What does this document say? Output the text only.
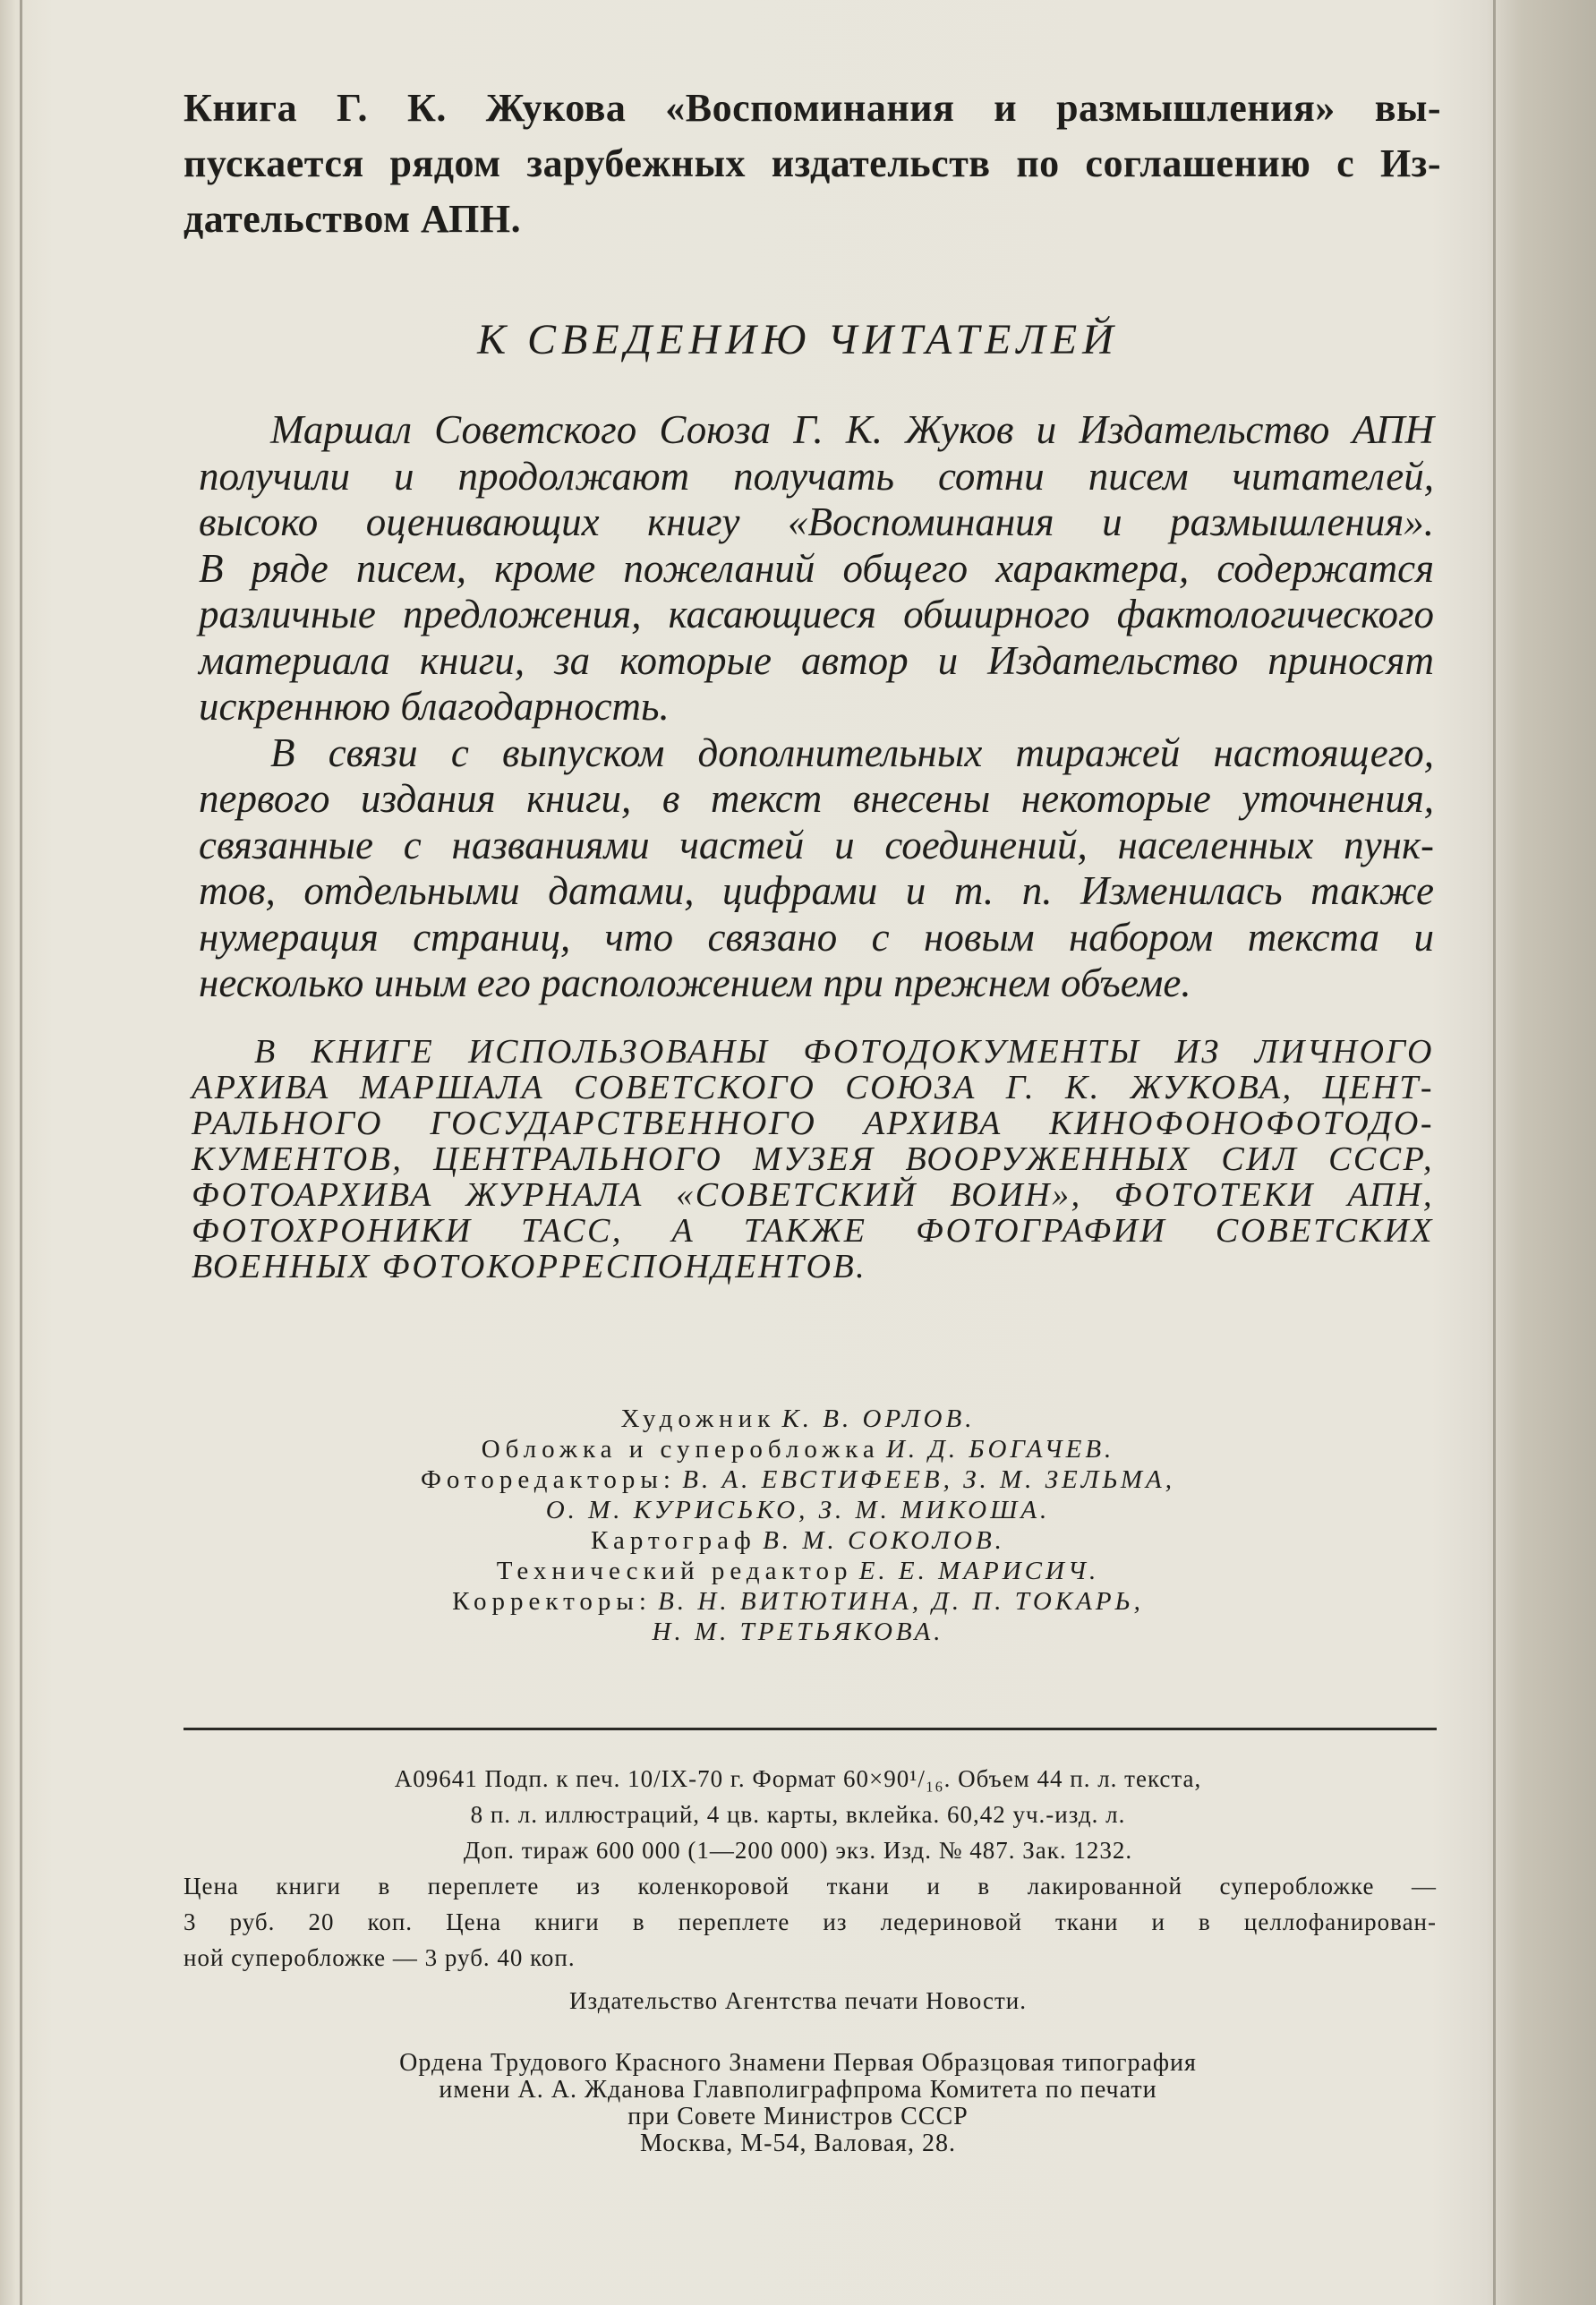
Книга Г. К. Жукова «Воспоминания и размышления» вы-
пускается рядом зарубежных издательств по соглашению с Из-
дательством АПН.
К СВЕДЕНИЮ ЧИТАТЕЛЕЙ
Маршал Советского Союза Г. К. Жуков и Издательство АПН
получили и продолжают получать сотни писем читателей,
высоко оценивающих книгу «Воспоминания и размышления».
В ряде писем, кроме пожеланий общего характера, содержатся
различные предложения, касающиеся обширного фактологического
материала книги, за которые автор и Издательство приносят
искреннюю благодарность.
В связи с выпуском дополнительных тиражей настоящего,
первого издания книги, в текст внесены некоторые уточнения,
связанные с названиями частей и соединений, населенных пунк-
тов, отдельными датами, цифрами и т. п. Изменилась также
нумерация страниц, что связано с новым набором текста и
несколько иным его расположением при прежнем объеме.
В КНИГЕ ИСПОЛЬЗОВАНЫ ФОТОДОКУМЕНТЫ ИЗ ЛИЧНОГО
АРХИВА МАРШАЛА СОВЕТСКОГО СОЮЗА Г. К. ЖУКОВА, ЦЕНТ-
РАЛЬНОГО ГОСУДАРСТВЕННОГО АРХИВА КИНОФОНОФОТОДО-
КУМЕНТОВ, ЦЕНТРАЛЬНОГО МУЗЕЯ ВООРУЖЕННЫХ СИЛ СССР,
ФОТОАРХИВА ЖУРНАЛА «СОВЕТСКИЙ ВОИН», ФОТОТЕКИ АПН,
ФОТОХРОНИКИ ТАСС, А ТАКЖЕ ФОТОГРАФИИ СОВЕТСКИХ
ВОЕННЫХ ФОТОКОРРЕСПОНДЕНТОВ.
Художник К. В. ОРЛОВ.
Обложка и суперобложка И. Д. БОГАЧЕВ.
Фоторедакторы: В. А. ЕВСТИФЕЕВ, З. М. ЗЕЛЬМА,
О. М. КУРИСЬКО, З. М. МИКОША.
Картограф В. М. СОКОЛОВ.
Технический редактор Е. Е. МАРИСИЧ.
Корректоры: В. Н. ВИТЮТИНА, Д. П. ТОКАРЬ,
Н. М. ТРЕТЬЯКОВА.
А09641 Подп. к печ. 10/IX-70 г. Формат 60×90¹/₁₆. Объем 44 п. л. текста,
8 п. л. иллюстраций, 4 цв. карты, вклейка. 60,42 уч.-изд. л.
Доп. тираж 600 000 (1—200 000) экз. Изд. № 487. Зак. 1232.
Цена книги в переплете из коленкоровой ткани и в лакированной суперобложке —
3 руб. 20 коп. Цена книги в переплете из ледериновой ткани и в целлофанирован-
ной суперобложке — 3 руб. 40 коп.
Издательство Агентства печати Новости.
Ордена Трудового Красного Знамени Первая Образцовая типография
имени А. А. Жданова Главполиграфпрома Комитета по печати
при Совете Министров СССР
Москва, М-54, Валовая, 28.
